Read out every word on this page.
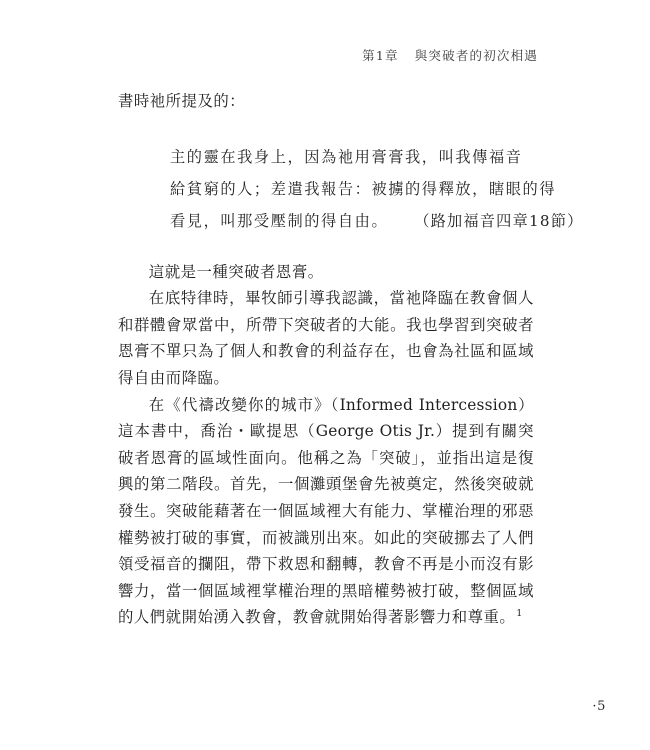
第1章 與突破者的初次相遇

書時祂所提及的：

主的靈在我身上，因為祂用膏膏我，叫我傳福音

給貧窮的人；差遣我報告：被擄的得釋放，瞎眼的得

看見，叫那受壓制的得自由。 （路加福音四章18節）

這就是一種突破者恩膏。

在底特律時，畢牧師引導我認識，當祂降臨在教會個人和群體會眾當中，所帶下突破者的大能。我也學習到突破者恩膏不單只為了個人和教會的利益存在，也會為社區和區域得自由而降臨。

在《代禱改變你的城市》（Informed Intercession）這本書中，喬治・歐提思（George Otis Jr.）提到有關突破者恩膏的區域性面向。他稱之為「突破」，並指出這是復興的第二階段。首先，一個灘頭堡會先被奠定，然後突破就發生。突破能藉著在一個區域裡大有能力、掌權治理的邪惡權勢被打破的事實，而被識別出來。如此的突破挪去了人們領受福音的攔阻，帶下救恩和翻轉，教會不再是小而沒有影響力，當一個區域裡掌權治理的黑暗權勢被打破，整個區域的人們就開始湧入教會，教會就開始得著影響力和尊重。$^1$

·5
